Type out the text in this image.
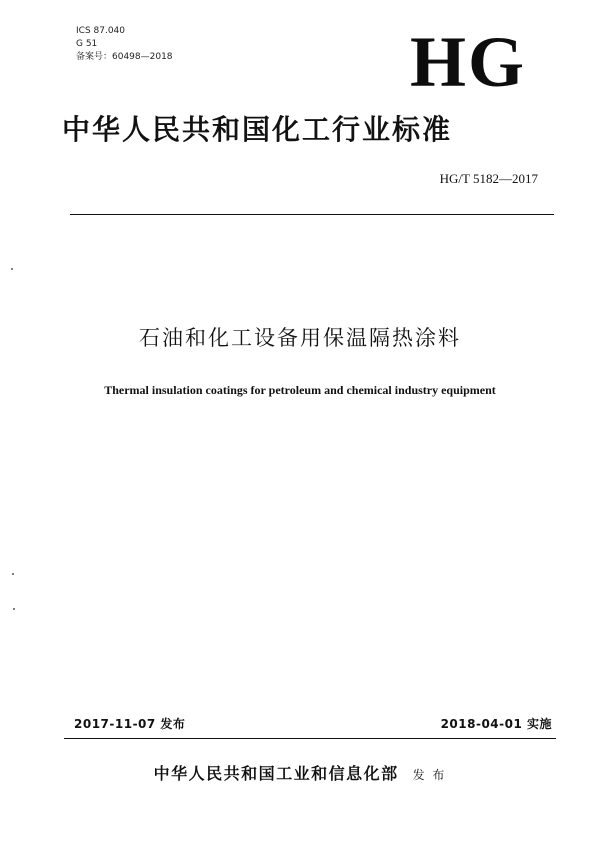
ICS 87.040
G 51
备案号：60498—2018	HG
中华人民共和国化工行业标准
HG/T 5182—2017
石油和化工设备用保温隔热涂料
Thermal insulation coatings for petroleum and chemical industry equipment
2017-11-07 发布	2018-04-01 实施
中华人民共和国工业和信息化部 发 布
